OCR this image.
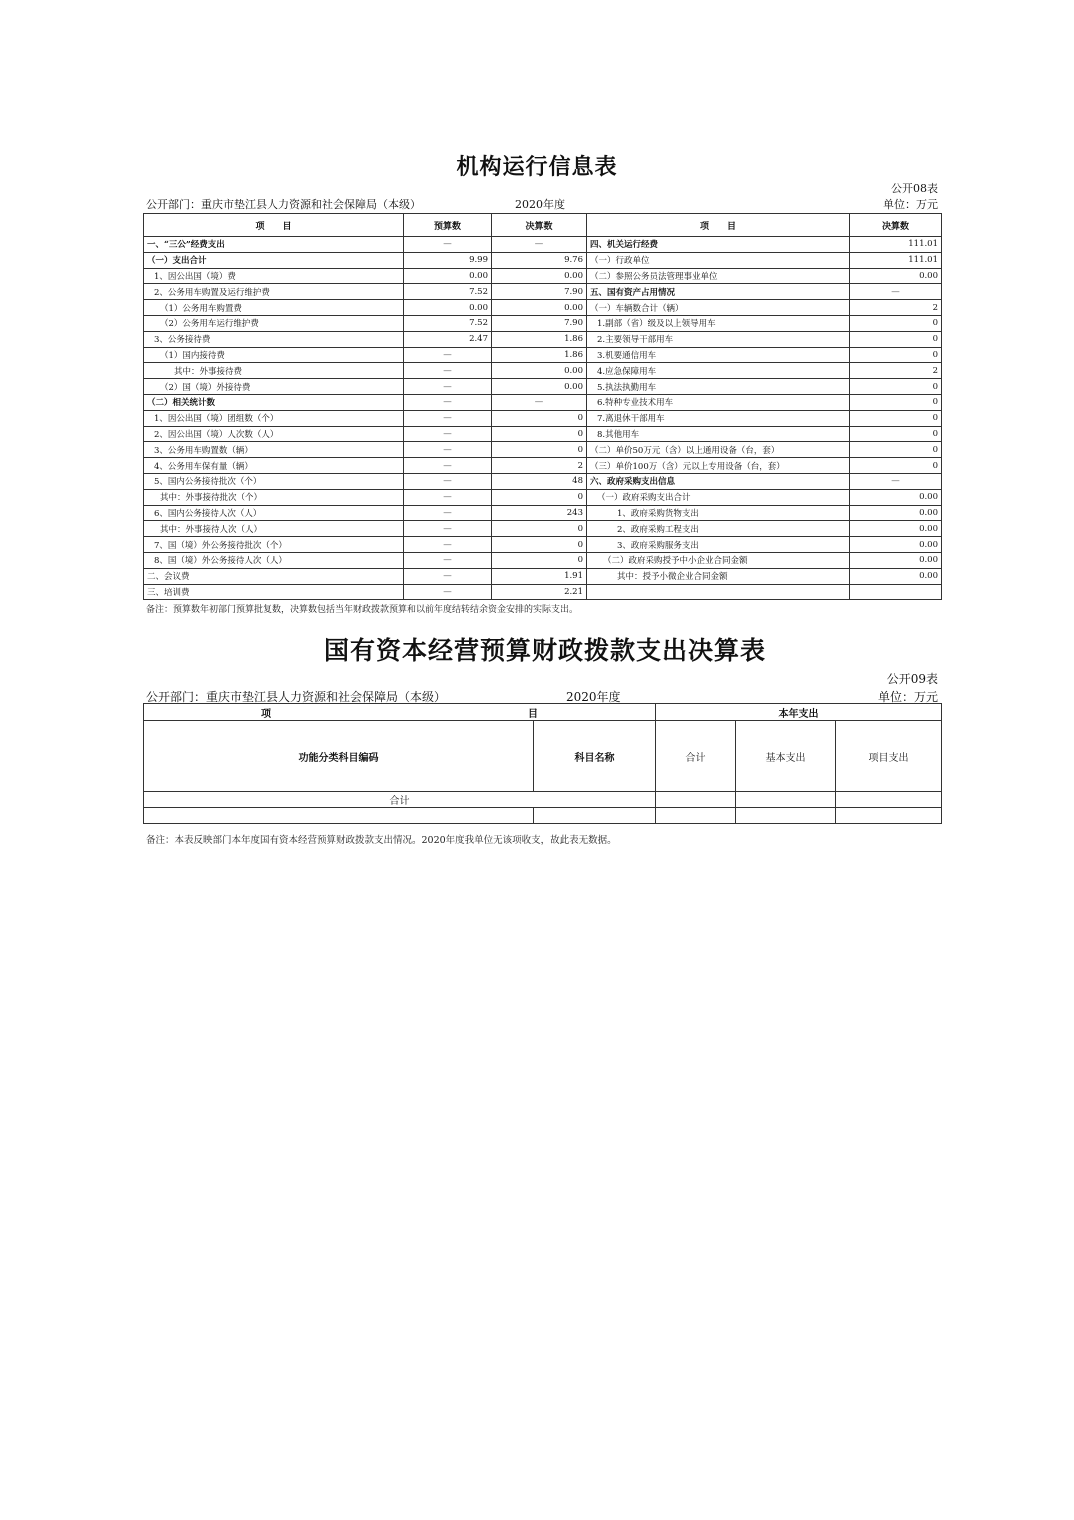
机构运行信息表
公开08表
公开部门：重庆市垫江县人力资源和社会保障局（本级）	2020年度	单位：万元
项　　目	预算数	决算数	项　　目	决算数
一、“三公”经费支出	—	—	四、机关运行经费	111.01
（一）支出合计	9.99	9.76	（一）行政单位	111.01
1、因公出国（境）费	0.00	0.00	（二）参照公务员法管理事业单位	0.00
2、公务用车购置及运行维护费	7.52	7.90	五、国有资产占用情况	—
（1）公务用车购置费	0.00	0.00	（一）车辆数合计（辆）	2
（2）公务用车运行维护费	7.52	7.90	1.副部（省）级及以上领导用车	0
3、公务接待费	2.47	1.86	2.主要领导干部用车	0
（1）国内接待费	—	1.86	3.机要通信用车	0
其中：外事接待费	—	0.00	4.应急保障用车	2
（2）国（境）外接待费	—	0.00	5.执法执勤用车	0
（二）相关统计数	—	—	6.特种专业技术用车	0
1、因公出国（境）团组数（个）	—	0	7.离退休干部用车	0
2、因公出国（境）人次数（人）	—	0	8.其他用车	0
3、公务用车购置数（辆）	—	0	（二）单价50万元（含）以上通用设备（台，套）	0
4、公务用车保有量（辆）	—	2	（三）单价100万（含）元以上专用设备（台，套）	0
5、国内公务接待批次（个）	—	48	六、政府采购支出信息	—
其中：外事接待批次（个）	—	0	（一）政府采购支出合计	0.00
6、国内公务接待人次（人）	—	243	1、政府采购货物支出	0.00
其中：外事接待人次（人）	—	0	2、政府采购工程支出	0.00
7、国（境）外公务接待批次（个）	—	0	3、政府采购服务支出	0.00
8、国（境）外公务接待人次（人）	—	0	（二）政府采购授予中小企业合同金额	0.00
二、会议费	—	1.91	其中：授予小微企业合同金额	0.00
三、培训费	—	2.21		
备注：预算数年初部门预算批复数，决算数包括当年财政拨款预算和以前年度结转结余资金安排的实际支出。
国有资本经营预算财政拨款支出决算表
公开09表
公开部门：重庆市垫江县人力资源和社会保障局（本级）	2020年度	单位：万元
项 目		本年支出		
功能分类科目编码	科目名称	合计	基本支出	项目支出
合计				

备注：本表反映部门本年度国有资本经营预算财政拨款支出情况。2020年度我单位无该项收支，故此表无数据。
